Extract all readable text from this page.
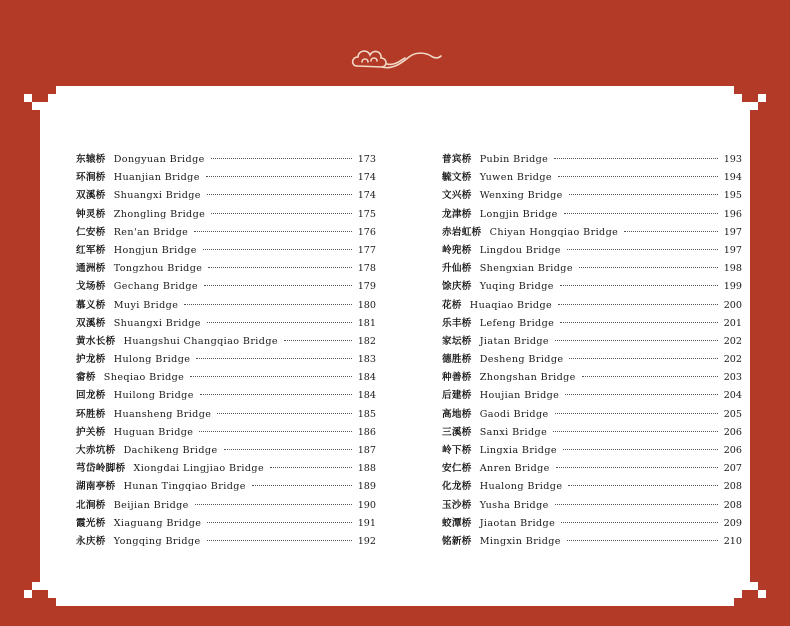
东辕桥 Dongyuan Bridge	173
环涧桥 Huanjian Bridge	174
双溪桥 Shuangxi Bridge	174
钟灵桥 Zhongling Bridge	175
仁安桥 Ren'an Bridge	176
红军桥 Hongjun Bridge	177
通洲桥 Tongzhou Bridge	178
戈场桥 Gechang Bridge	179
慕义桥 Muyi Bridge	180
双溪桥 Shuangxi Bridge	181
黄水长桥 Huangshui Changqiao Bridge	182
护龙桥 Hulong Bridge	183
畲桥 Sheqiao Bridge	184
回龙桥 Huilong Bridge	184
环胜桥 Huansheng Bridge	185
护关桥 Huguan Bridge	186
大赤坑桥 Dachikeng Bridge	187
芎岱岭脚桥 Xiongdai Lingjiao Bridge	188
湖南亭桥 Hunan Tingqiao Bridge	189
北涧桥 Beijian Bridge	190
霞光桥 Xiaguang Bridge	191
永庆桥 Yongqing Bridge	192
普宾桥 Pubin Bridge	193
毓文桥 Yuwen Bridge	194
文兴桥 Wenxing Bridge	195
龙津桥 Longjin Bridge	196
赤岩虹桥 Chiyan Hongqiao Bridge	197
岭兜桥 Lingdou Bridge	197
升仙桥 Shengxian Bridge	198
馀庆桥 Yuqing Bridge	199
花桥 Huaqiao Bridge	200
乐丰桥 Lefeng Bridge	201
家坛桥 Jiatan Bridge	202
德胜桥 Desheng Bridge	202
种善桥 Zhongshan Bridge	203
后建桥 Houjian Bridge	204
高地桥 Gaodi Bridge	205
三溪桥 Sanxi Bridge	206
岭下桥 Lingxia Bridge	206
安仁桥 Anren Bridge	207
化龙桥 Hualong Bridge	208
玉沙桥 Yusha Bridge	208
蛟潭桥 Jiaotan Bridge	209
铭新桥 Mingxin Bridge	210
